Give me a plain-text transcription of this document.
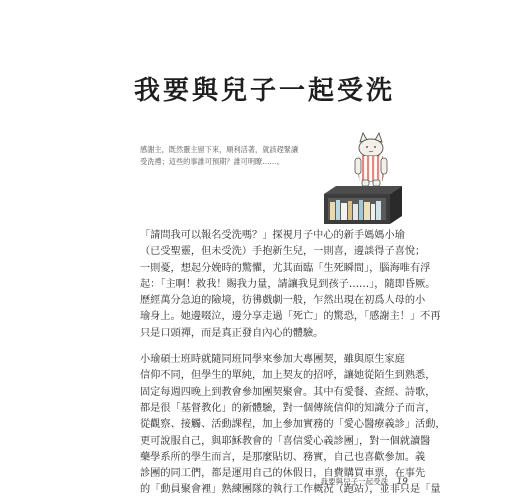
我要與兒子一起受洗
感謝主，既然靈主留下來，順利活著，就該趕緊讓
受洗禮；這些的事誰可預期？誰可明瞭……。
「請問我可以報名受洗嗎？」探視月子中心的新手媽媽小瑜
（已受聖靈，但未受洗）手抱新生兒，一則喜，邊談得子喜悅；
一則憂，想起分娩時的驚懼，尤其面臨「生死瞬間」，腦海唯有浮
起：「主啊！救我！賜我力量，請讓我見到孩子……」，隨即昏厥。
歷經萬分急迫的險境，彷彿戲劇一般，乍然出現在初爲人母的小
瑜身上。她邊啜泣，邊分享走過「死亡」的驚恐，「感謝主！」不再
只是口頭禪，而是真正發自內心的體驗。
小瑜碩士班時就隨同班同學來參加大專團契，雖與原生家庭
信仰不同，但學生的單純，加上契友的招呼，讓她從陌生到熟悉，
固定每週四晚上到教會參加團契聚會。其中有愛餐、查經、詩歌，
都是很「基督教化」的新體驗，對一個傳統信仰的知識分子而言，
從觀察、接觸、活動課程，加上參加實務的「愛心醫療義診」活動，
更可說服自己，與耶穌教會的「喜信愛心義診團」，對一個就讀醫
藥學系所的學生而言，是那麼貼切、務實，自己也喜歡參加。義
診團的同工們，都是運用自己的休假日，自費購買車票，在事先
的「動員聚會裡」熟練團隊的執行工作概況（跑站），並非只是「量
我要與兒子一起受洗 19
